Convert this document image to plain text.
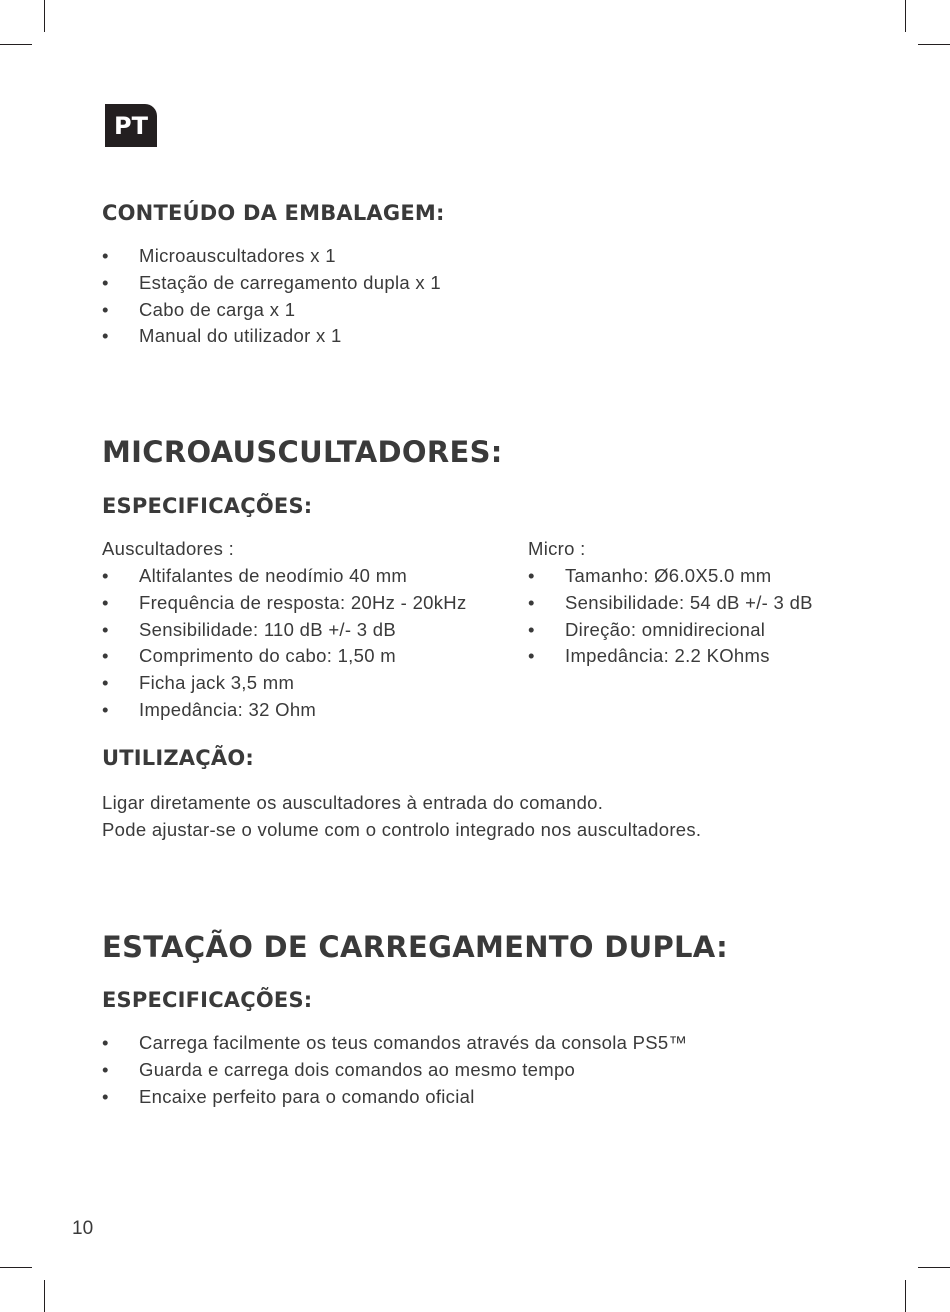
PT
CONTEÚDO DA EMBALAGEM:
• Microauscultadores x 1
• Estação de carregamento dupla x 1
• Cabo de carga x 1
• Manual do utilizador x 1
MICROAUSCULTADORES:
ESPECIFICAÇÕES:

Auscultadores :

• Altifalantes de neodímio 40 mm
• Frequência de resposta: 20Hz - 20kHz
• Sensibilidade: 110 dB +/- 3 dB
• Comprimento do cabo: 1,50 m
• Ficha jack 3,5 mm
• Impedância: 32 Ohm

Micro :

• Tamanho: Ø6.0X5.0 mm
• Sensibilidade: 54 dB +/- 3 dB
• Direção: omnidirecional
• Impedância: 2.2 KOhms
UTILIZAÇÃO:

Ligar diretamente os auscultadores à entrada do comando.

Pode ajustar-se o volume com o controlo integrado nos auscultadores.

ESTAÇÃO DE CARREGAMENTO DUPLA:
ESPECIFICAÇÕES:
• Carrega facilmente os teus comandos através da consola PS5™
• Guarda e carrega dois comandos ao mesmo tempo
• Encaixe perfeito para o comando oficial
10
